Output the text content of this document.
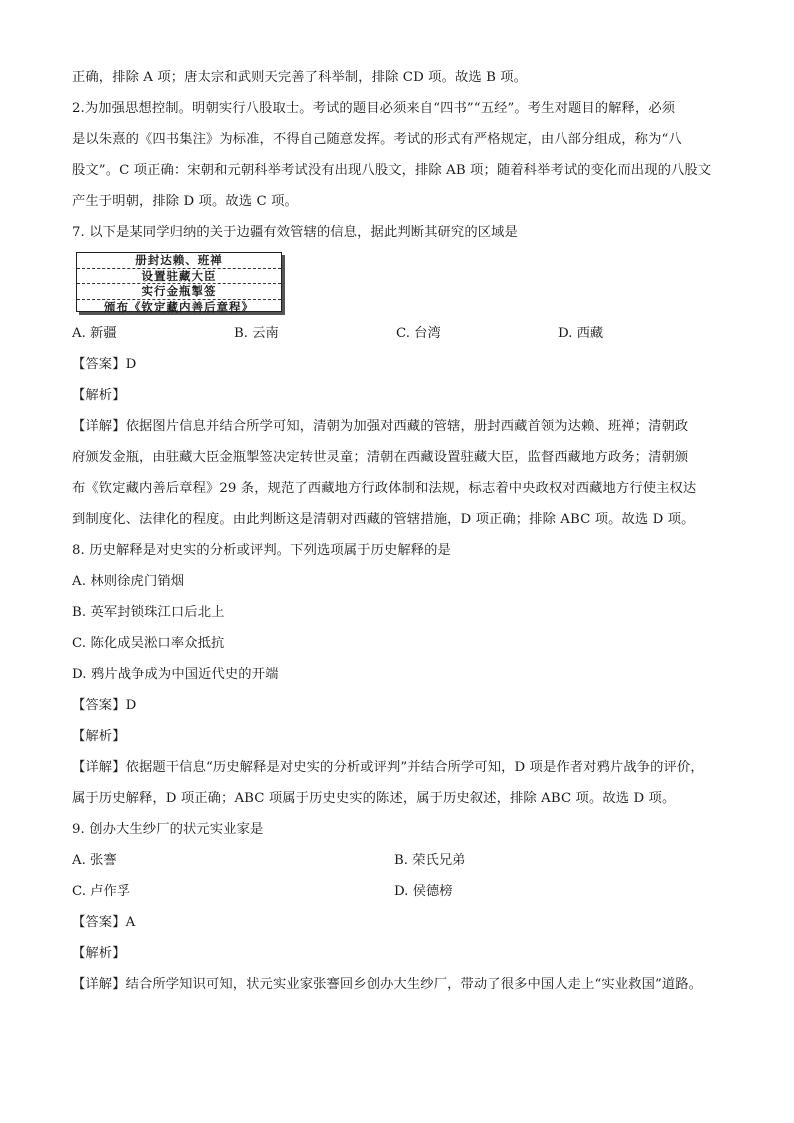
正确，排除 A 项；唐太宗和武则天完善了科举制，排除 CD 项。故选 B 项。
2.为加强思想控制。明朝实行八股取士。考试的题目必须来自“四书”“五经”。考生对题目的解释，必须
是以朱熹的《四书集注》为标准，不得自己随意发挥。考试的形式有严格规定，由八部分组成，称为“八
股文”。C 项正确：宋朝和元朝科举考试没有出现八股文，排除 AB 项；随着科举考试的变化而出现的八股文
产生于明朝，排除 D 项。故选 C 项。
7. 以下是某同学归纳的关于边疆有效管辖的信息，据此判断其研究的区域是
册封达赖、班禅
设置驻藏大臣
实行金瓶掣签
颁布《钦定藏内善后章程》
A. 新疆	B. 云南	C. 台湾	D. 西藏
【答案】D
【解析】
【详解】依据图片信息并结合所学可知，清朝为加强对西藏的管辖，册封西藏首领为达赖、班禅；清朝政
府颁发金瓶，由驻藏大臣金瓶掣签决定转世灵童；清朝在西藏设置驻藏大臣，监督西藏地方政务；清朝颁
布《钦定藏内善后章程》29 条，规范了西藏地方行政体制和法规，标志着中央政权对西藏地方行使主权达
到制度化、法律化的程度。由此判断这是清朝对西藏的管辖措施，D 项正确；排除 ABC 项。故选 D 项。
8. 历史解释是对史实的分析或评判。下列选项属于历史解释的是
A. 林则徐虎门销烟
B. 英军封锁珠江口后北上
C. 陈化成吴淞口率众抵抗
D. 鸦片战争成为中国近代史的开端
【答案】D
【解析】
【详解】依据题干信息“历史解释是对史实的分析或评判”并结合所学可知，D 项是作者对鸦片战争的评价，
属于历史解释，D 项正确；ABC 项属于历史史实的陈述，属于历史叙述，排除 ABC 项。故选 D 项。
9. 创办大生纱厂的状元实业家是
A. 张謇	B. 荣氏兄弟
C. 卢作孚	D. 侯德榜
【答案】A
【解析】
【详解】结合所学知识可知，状元实业家张謇回乡创办大生纱厂，带动了很多中国人走上“实业救国”道路。
